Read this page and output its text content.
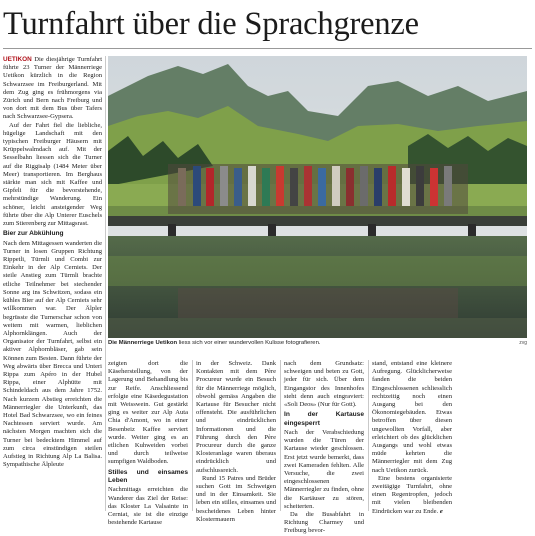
Turnfahrt über die Sprachgrenze

UETIKON Die diesjährige Turnfahrt führte 23 Turner der Männerriege Uetikon kürzlich in die Region Schwarzsee im Freiburgerland. Mit dem Zug ging es frühmorgens via Zürich und Bern nach Freiburg und von dort mit dem Bus über Tafers nach Schwarzsee-Gypsera.

Auf der Fahrt fiel die liebliche, hügelige Landschaft mit den typischen Freiburger Häusern mit Krüppelwalmdach auf. Mit der Sesselbahn liessen sich die Turner auf die Riggisalp (1484 Meter über Meer) transportieren. Im Berghaus stärkte man sich mit Kaffee und Gipfeli für die bevorstehende, mehrstündige Wanderung. Ein schöner, leicht ansteigender Weg führte über die Alp Unterer Euschels zum Stierenberg zur Mittagsrast.

Bier zur Abkühlung

Nach dem Mittagessen wanderten die Turner in losen Gruppen Richtung Rippetli, Türmli und Combi zur Einkehr in der Alp Cerniets. Der steile Anstieg zum Türmli brachte etliche Teilnehmer bei stechender Sonne arg ins Schwitzen, sodass ein kühles Bier auf der Alp Cerniets sehr willkommen war. Der Älpler begrüsste die Turnerschar schon von weitem mit warmen, lieblichen Alphornklängen. Auch der Organisator der Turnfahrt, selbst ein aktiver Alphornbläser, gab sein Können zum Besten. Dann führte der Weg abwärts über Brecca und Unteri Rippa zum Apéro in der Hubel Rippa, einer Alphütte mit Schindeldach aus dem Jahre 1752. Nach kurzem Abstieg erreichten die Männerriegler die Unterkunft, das Hotel Bad Schwarzsee, wo ein feines Nachtessen serviert wurde. Am nächsten Morgen machten sich die Turner bei bedecktem Himmel auf zum circa einstündigen steilen Aufstieg in Richtung Alp La Balisa. Sympathische Älpleute

Die Männerriege Uetikon liess sich vor einer wundervollen Kulisse fotografieren.	zvg

zeigten dort die Käseherstellung, von der Lagerung und Behandlung bis zur Reife. Anschliessend erfolgte eine Käsedegustation mit Weisswein. Gut gestärkt ging es weiter zur Alp Auta Chia d'Amont, wo in einer Besenbeiz Kaffee serviert wurde. Weiter ging es an etlichen Kuhweiden vorbei und durch teilweise sumpfigen Waldboden.

Stilles und einsames Leben

Nachmittags erreichten die Wanderer das Ziel der Reise: das Kloster La Valsainte in Cerniat, sie ist die einzige bestehende Kartause

in der Schweiz. Dank Kontakten mit dem Père Procureur wurde ein Besuch für die Männerriege möglich, obwohl gemäss Angaben die Kartause für Besucher nicht offensteht. Die ausführlichen und eindrücklichen Informationen und die Führung durch den Père Procureur durch die ganze Klosteranlage waren überaus eindrücklich und aufschlussreich.

Rund 15 Patres und Brüder suchen Gott im Schweigen und in der Einsamkeit. Sie leben ein stilles, einsames und bescheidenes Leben hinter Klostermauern

nach dem Grundsatz: schweigen und beten zu Gott, jeder für sich. Über dem Eingangstor des Innenhofes steht denn auch eingraviert: «Soli Deos» (Nur für Gott).

In der Kartause eingesperrt

Nach der Verabschiedung wurden die Türen der Kartause wieder geschlossen. Erst jetzt wurde bemerkt, dass zwei Kameraden fehlten. Alle Versuche, die zwei eingeschlossenen Männerriegler zu finden, ohne die Kartäuser zu stören, scheiterten.

Da die Busabfahrt in Richtung Charmey und Freiburg bevor-

stand, entstand eine kleinere Aufregung. Glücklicherweise fanden die beiden Eingeschlossenen schliesslich rechtzeitig noch einen Ausgang bei den Ökonomiegebäuden. Etwas betroffen über diesen ungewollten Vorfall, aber erleichtert ob des glücklichen Ausgangs und wohl etwas müde kehrten die Männerriegler mit dem Zug nach Uetikon zurück.

Eine bestens organisierte zweitägige Turnfahrt, ohne einen Regentropfen, jedoch mit vielen bleibenden Eindrücken war zu Ende. e
